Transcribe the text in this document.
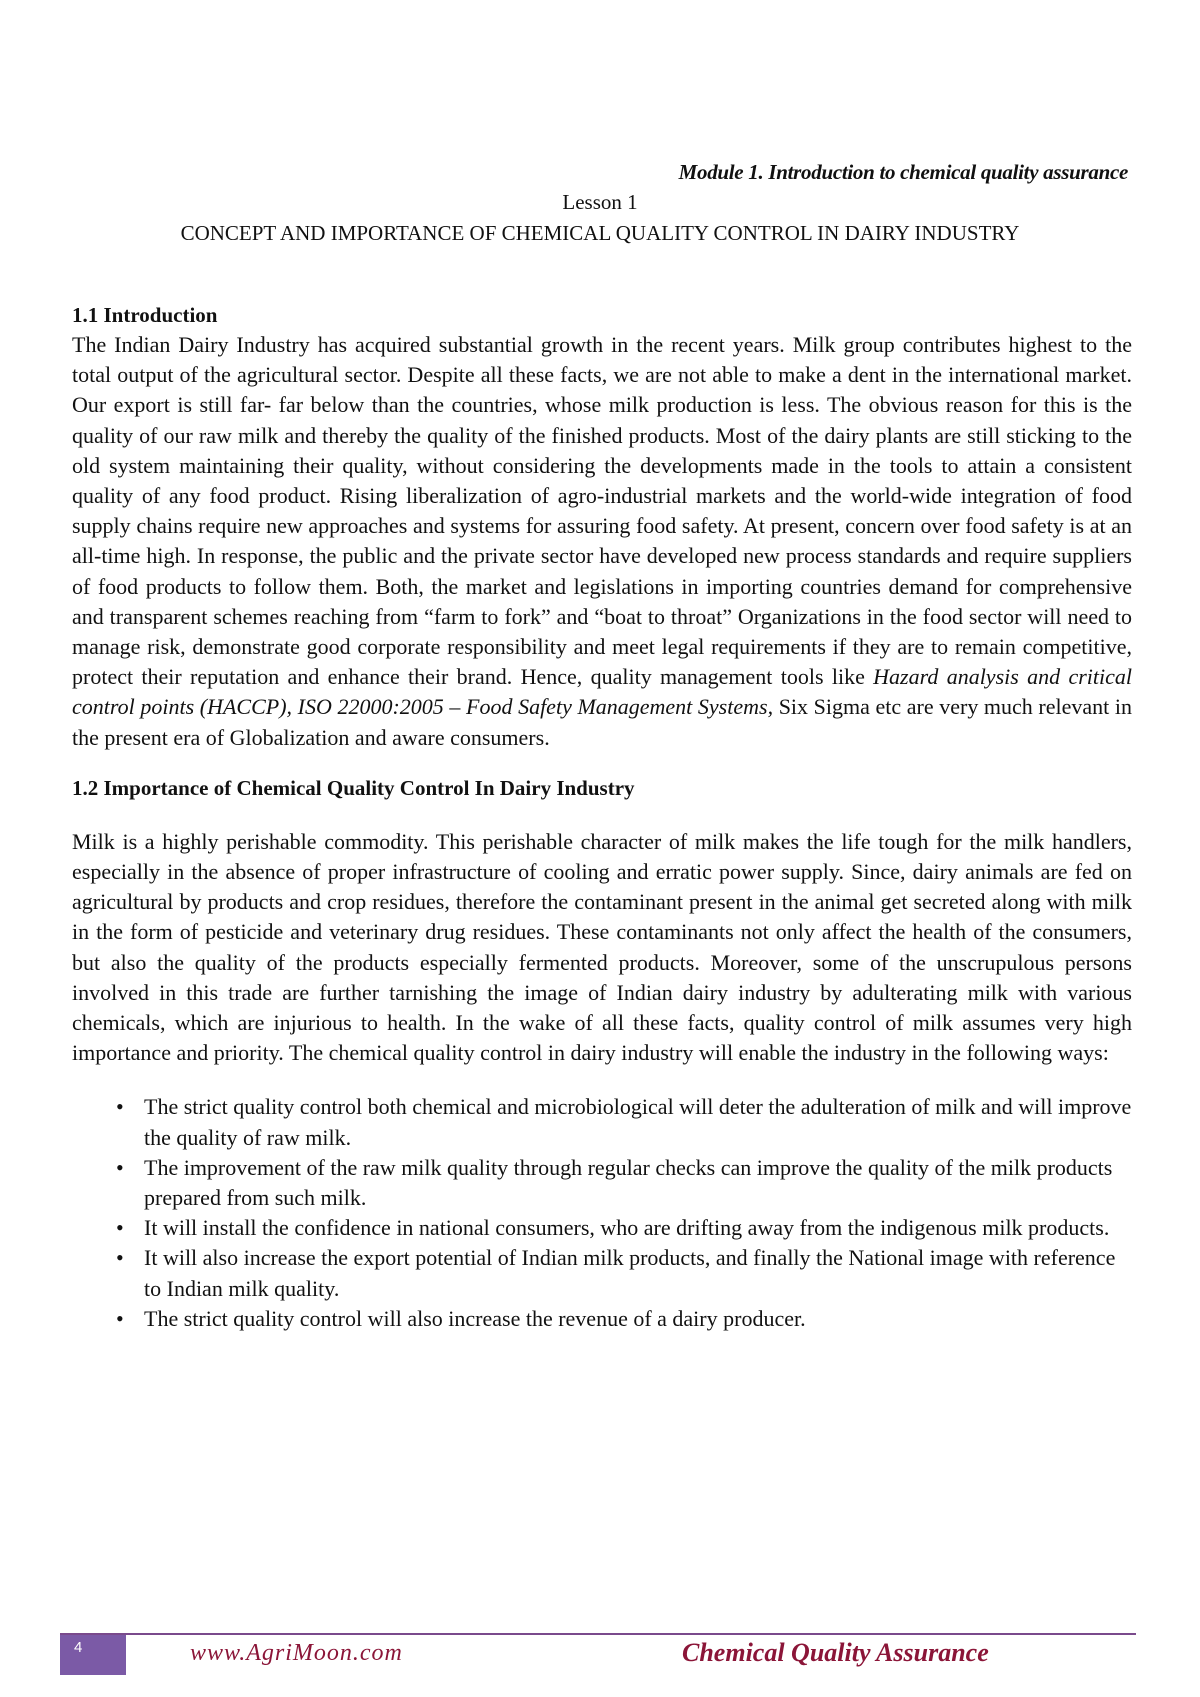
Module 1. Introduction to chemical quality assurance
Lesson 1
CONCEPT AND IMPORTANCE OF CHEMICAL QUALITY CONTROL IN DAIRY INDUSTRY
1.1 Introduction

The Indian Dairy Industry has acquired substantial growth in the recent years. Milk group contributes highest to the total output of the agricultural sector. Despite all these facts, we are not able to make a dent in the international market. Our export is still far- far below than the countries, whose milk production is less. The obvious reason for this is the quality of our raw milk and thereby the quality of the finished products. Most of the dairy plants are still sticking to the old system maintaining their quality, without considering the developments made in the tools to attain a consistent quality of any food product. Rising liberalization of agro-industrial markets and the world-wide integration of food supply chains require new approaches and systems for assuring food safety. At present, concern over food safety is at an all-time high. In response, the public and the private sector have developed new process standards and require suppliers of food products to follow them. Both, the market and legislations in importing countries demand for comprehensive and transparent schemes reaching from “farm to fork” and “boat to throat” Organizations in the food sector will need to manage risk, demonstrate good corporate responsibility and meet legal requirements if they are to remain competitive, protect their reputation and enhance their brand. Hence, quality management tools like Hazard analysis and critical control points (HACCP), ISO 22000:2005 – Food Safety Management Systems, Six Sigma etc are very much relevant in the present era of Globalization and aware consumers.

1.2 Importance of Chemical Quality Control In Dairy Industry

Milk is a highly perishable commodity. This perishable character of milk makes the life tough for the milk handlers, especially in the absence of proper infrastructure of cooling and erratic power supply. Since, dairy animals are fed on agricultural by products and crop residues, therefore the contaminant present in the animal get secreted along with milk in the form of pesticide and veterinary drug residues. These contaminants not only affect the health of the consumers, but also the quality of the products especially fermented products. Moreover, some of the unscrupulous persons involved in this trade are further tarnishing the image of Indian dairy industry by adulterating milk with various chemicals, which are injurious to health. In the wake of all these facts, quality control of milk assumes very high importance and priority. The chemical quality control in dairy industry will enable the industry in the following ways:

• The strict quality control both chemical and microbiological will deter the adulteration of milk and will improve the quality of raw milk.
• The improvement of the raw milk quality through regular checks can improve the quality of the milk products prepared from such milk.
• It will install the confidence in national consumers, who are drifting away from the indigenous milk products.
• It will also increase the export potential of Indian milk products, and finally the National image with reference to Indian milk quality.
• The strict quality control will also increase the revenue of a dairy producer.
4	www.AgriMoon.com	Chemical Quality Assurance
